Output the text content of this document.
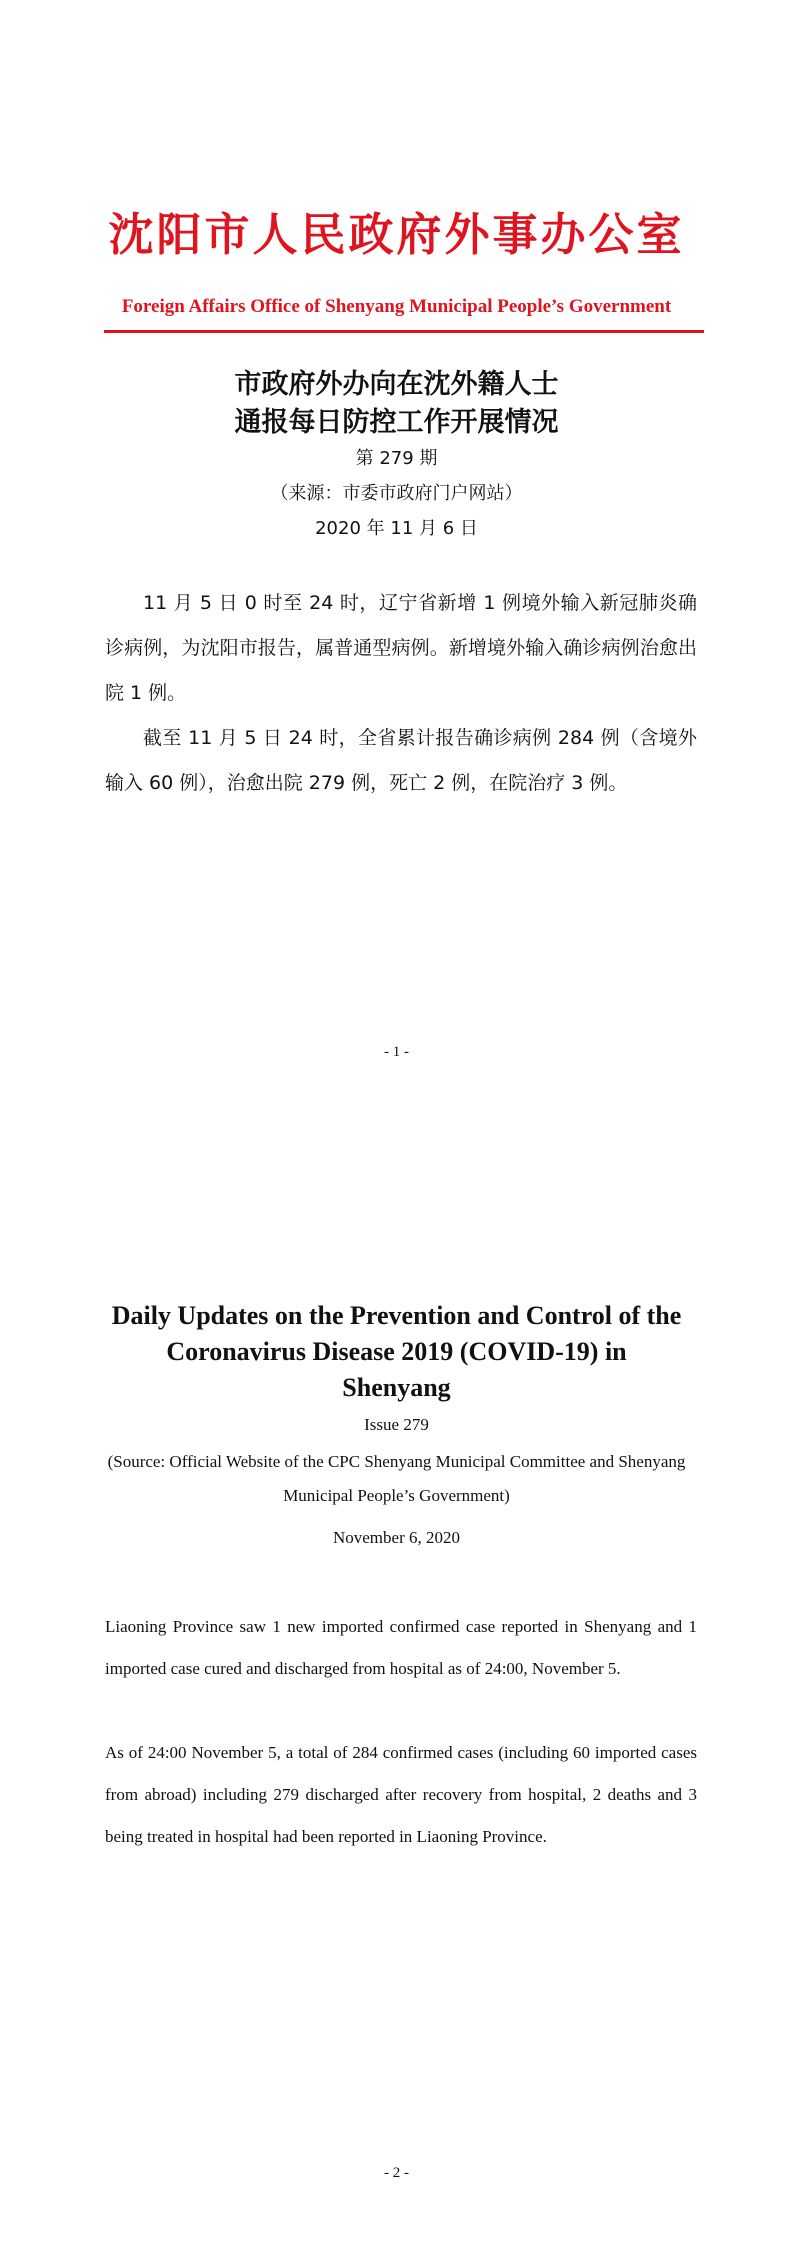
沈阳市人民政府外事办公室
Foreign Affairs Office of Shenyang Municipal People’s Government
市政府外办向在沈外籍人士
通报每日防控工作开展情况
第 279 期
（来源：市委市政府门户网站）
2020 年 11 月 6 日

11 月 5 日 0 时至 24 时，辽宁省新增 1 例境外输入新冠肺炎确诊病例，为沈阳市报告，属普通型病例。新增境外输入确诊病例治愈出院 1 例。

截至 11 月 5 日 24 时，全省累计报告确诊病例 284 例（含境外输入 60 例），治愈出院 279 例，死亡 2 例，在院治疗 3 例。

- 1 -
Daily Updates on the Prevention and Control of the Coronavirus Disease 2019 (COVID-19) in Shenyang
Issue 279
(Source: Official Website of the CPC Shenyang Municipal Committee and Shenyang Municipal People’s Government)
November 6, 2020

Liaoning Province saw 1 new imported confirmed case reported in Shenyang and 1 imported case cured and discharged from hospital as of 24:00, November 5.

As of 24:00 November 5, a total of 284 confirmed cases (including 60 imported cases from abroad) including 279 discharged after recovery from hospital, 2 deaths and 3 being treated in hospital had been reported in Liaoning Province.

- 2 -
